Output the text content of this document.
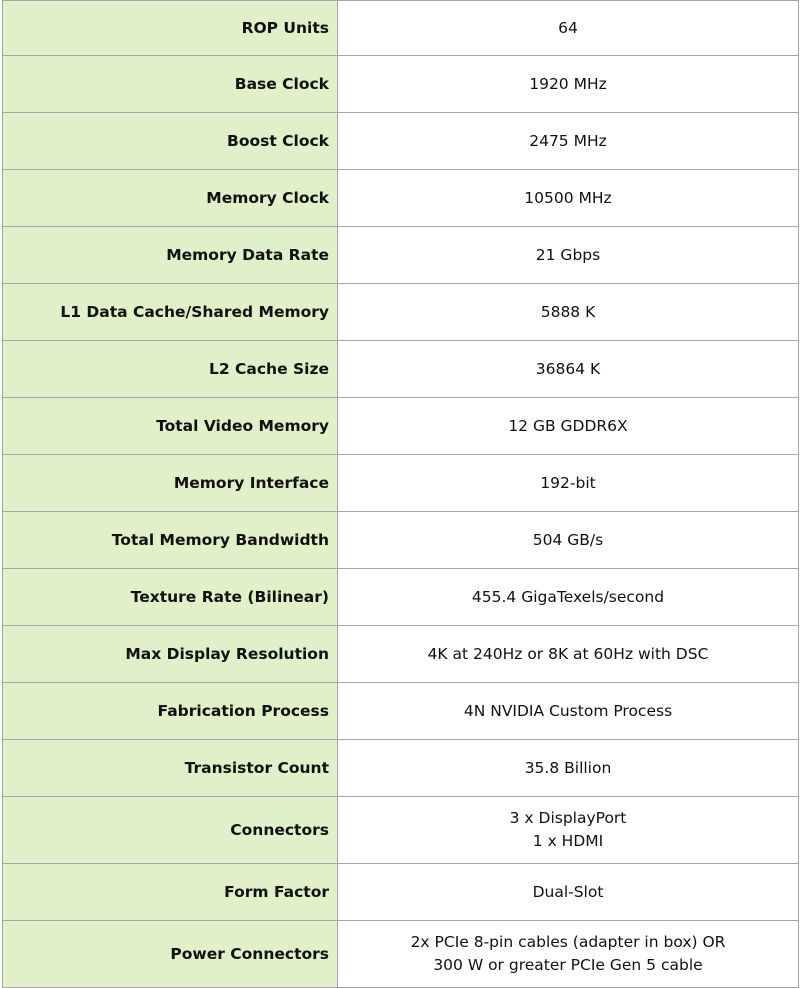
ROP Units	64
Base Clock	1920 MHz
Boost Clock	2475 MHz
Memory Clock	10500 MHz
Memory Data Rate	21 Gbps
L1 Data Cache/Shared Memory	5888 K
L2 Cache Size	36864 K
Total Video Memory	12 GB GDDR6X
Memory Interface	192-bit
Total Memory Bandwidth	504 GB/s
Texture Rate (Bilinear)	455.4 GigaTexels/second
Max Display Resolution	4K at 240Hz or 8K at 60Hz with DSC
Fabrication Process	4N NVIDIA Custom Process
Transistor Count	35.8 Billion
Connectors	3 x DisplayPort
1 x HDMI

Form Factor	Dual-Slot
Power Connectors	2x PCIe 8-pin cables (adapter in box) OR
300 W or greater PCIe Gen 5 cable
